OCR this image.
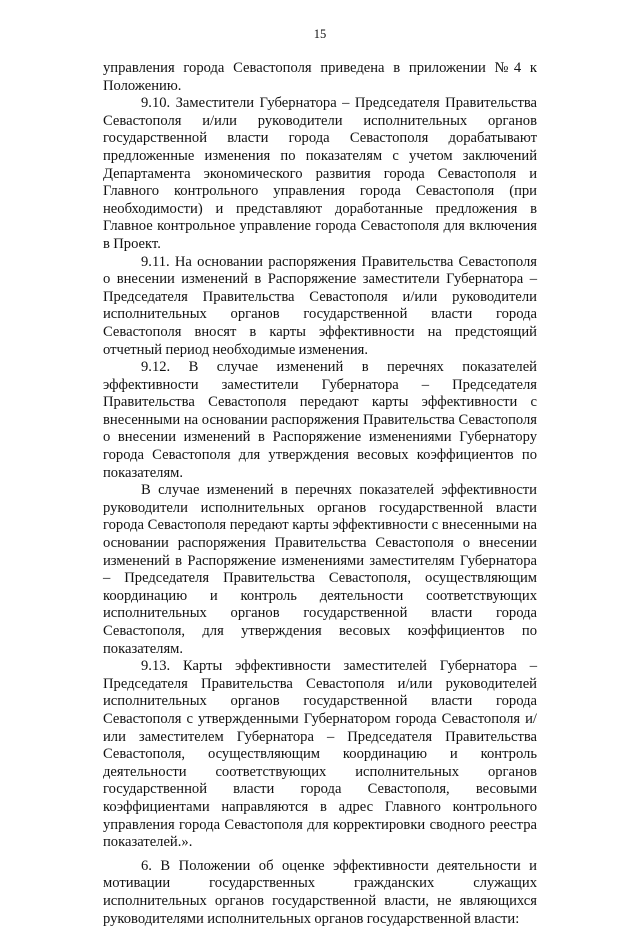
15

управления города Севастополя приведена в приложении №4 к Положению.

9.10. Заместители Губернатора – Председателя Правительства Севастополя и/или руководители исполнительных органов государственной власти города Севастополя дорабатывают предложенные изменения по показателям с учетом заключений Департамента экономического развития города Севастополя и Главного контрольного управления города Севастополя (при необходимости) и представляют доработанные предложения в Главное контрольное управление города Севастополя для включения в Проект.

9.11. На основании распоряжения Правительства Севастополя о внесении изменений в Распоряжение заместители Губернатора – Председателя Правительства Севастополя и/или руководители исполнительных органов государственной власти города Севастополя вносят в карты эффективности на предстоящий отчетный период необходимые изменения.

9.12. В случае изменений в перечнях показателей эффективности заместители Губернатора – Председателя Правительства Севастополя передают карты эффективности с внесенными на основании распоряжения Правительства Севастополя о внесении изменений в Распоряжение изменениями Губернатору города Севастополя для утверждения весовых коэффициентов по показателям.

В случае изменений в перечнях показателей эффективности руководители исполнительных органов государственной власти города Севастополя передают карты эффективности с внесенными на основании распоряжения Правительства Севастополя о внесении изменений в Распоряжение изменениями заместителям Губернатора – Председателя Правительства Севастополя, осуществляющим координацию и контроль деятельности соответствующих исполнительных органов государственной власти города Севастополя, для утверждения весовых коэффициентов по показателям.

9.13. Карты эффективности заместителей Губернатора – Председателя Правительства Севастополя и/или руководителей исполнительных органов государственной власти города Севастополя с утвержденными Губернатором города Севастополя и/или заместителем Губернатора – Председателя Правительства Севастополя, осуществляющим координацию и контроль деятельности соответствующих исполнительных органов государственной власти города Севастополя, весовыми коэффициентами направляются в адрес Главного контрольного управления города Севастополя для корректировки сводного реестра показателей.».

6. В Положении об оценке эффективности деятельности и мотивации государственных гражданских служащих исполнительных органов государственной власти, не являющихся руководителями исполнительных органов государственной власти:
